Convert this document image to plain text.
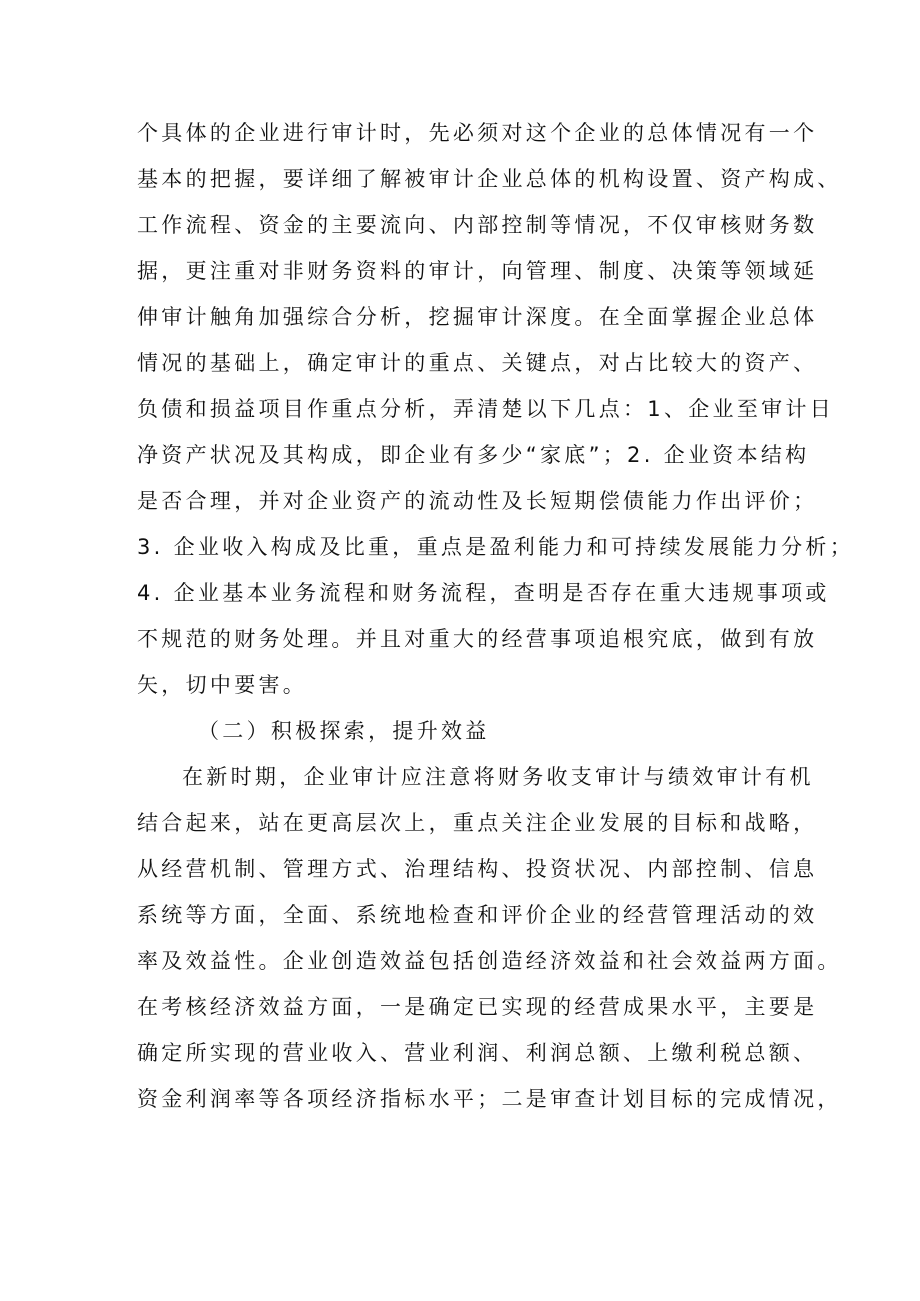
个具体的企业进行审计时，先必须对这个企业的总体情况有一个
基本的把握，要详细了解被审计企业总体的机构设置、资产构成、
工作流程、资金的主要流向、内部控制等情况，不仅审核财务数
据，更注重对非财务资料的审计，向管理、制度、决策等领域延
伸审计触角加强综合分析，挖掘审计深度。在全面掌握企业总体
情况的基础上，确定审计的重点、关键点，对占比较大的资产、
负债和损益项目作重点分析，弄清楚以下几点：1、企业至审计日
净资产状况及其构成，即企业有多少“家底”；2. 企业资本结构
是否合理，并对企业资产的流动性及长短期偿债能力作出评价；
3. 企业收入构成及比重，重点是盈利能力和可持续发展能力分析；
4. 企业基本业务流程和财务流程，查明是否存在重大违规事项或
不规范的财务处理。并且对重大的经营事项追根究底，做到有放
矢，切中要害。
（二）积极探索，提升效益
在新时期，企业审计应注意将财务收支审计与绩效审计有机
结合起来，站在更高层次上，重点关注企业发展的目标和战略，
从经营机制、管理方式、治理结构、投资状况、内部控制、信息
系统等方面，全面、系统地检查和评价企业的经营管理活动的效
率及效益性。企业创造效益包括创造经济效益和社会效益两方面。
在考核经济效益方面，一是确定已实现的经营成果水平，主要是
确定所实现的营业收入、营业利润、利润总额、上缴利税总额、
资金利润率等各项经济指标水平；二是审查计划目标的完成情况，
